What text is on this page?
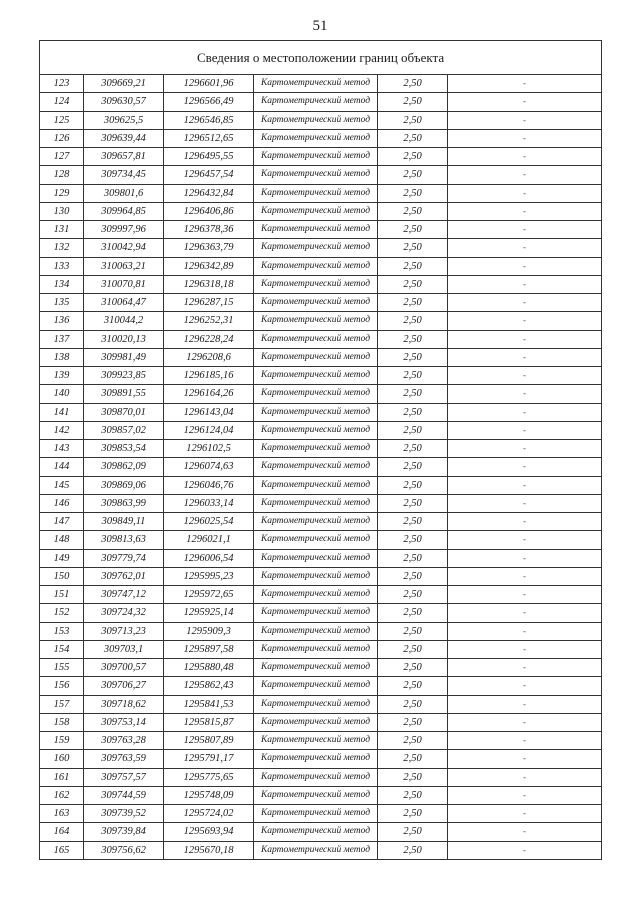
51
Сведения о местоположении границ объекта					
123	309669,21	1296601,96	Картометрический метод	2,50	-
124	309630,57	1296566,49	Картометрический метод	2,50	-
125	309625,5	1296546,85	Картометрический метод	2,50	-
126	309639,44	1296512,65	Картометрический метод	2,50	-
127	309657,81	1296495,55	Картометрический метод	2,50	-
128	309734,45	1296457,54	Картометрический метод	2,50	-
129	309801,6	1296432,84	Картометрический метод	2,50	-
130	309964,85	1296406,86	Картометрический метод	2,50	-
131	309997,96	1296378,36	Картометрический метод	2,50	-
132	310042,94	1296363,79	Картометрический метод	2,50	-
133	310063,21	1296342,89	Картометрический метод	2,50	-
134	310070,81	1296318,18	Картометрический метод	2,50	-
135	310064,47	1296287,15	Картометрический метод	2,50	-
136	310044,2	1296252,31	Картометрический метод	2,50	-
137	310020,13	1296228,24	Картометрический метод	2,50	-
138	309981,49	1296208,6	Картометрический метод	2,50	-
139	309923,85	1296185,16	Картометрический метод	2,50	-
140	309891,55	1296164,26	Картометрический метод	2,50	-
141	309870,01	1296143,04	Картометрический метод	2,50	-
142	309857,02	1296124,04	Картометрический метод	2,50	-
143	309853,54	1296102,5	Картометрический метод	2,50	-
144	309862,09	1296074,63	Картометрический метод	2,50	-
145	309869,06	1296046,76	Картометрический метод	2,50	-
146	309863,99	1296033,14	Картометрический метод	2,50	-
147	309849,11	1296025,54	Картометрический метод	2,50	-
148	309813,63	1296021,1	Картометрический метод	2,50	-
149	309779,74	1296006,54	Картометрический метод	2,50	-
150	309762,01	1295995,23	Картометрический метод	2,50	-
151	309747,12	1295972,65	Картометрический метод	2,50	-
152	309724,32	1295925,14	Картометрический метод	2,50	-
153	309713,23	1295909,3	Картометрический метод	2,50	-
154	309703,1	1295897,58	Картометрический метод	2,50	-
155	309700,57	1295880,48	Картометрический метод	2,50	-
156	309706,27	1295862,43	Картометрический метод	2,50	-
157	309718,62	1295841,53	Картометрический метод	2,50	-
158	309753,14	1295815,87	Картометрический метод	2,50	-
159	309763,28	1295807,89	Картометрический метод	2,50	-
160	309763,59	1295791,17	Картометрический метод	2,50	-
161	309757,57	1295775,65	Картометрический метод	2,50	-
162	309744,59	1295748,09	Картометрический метод	2,50	-
163	309739,52	1295724,02	Картометрический метод	2,50	-
164	309739,84	1295693,94	Картометрический метод	2,50	-
165	309756,62	1295670,18	Картометрический метод	2,50	-
